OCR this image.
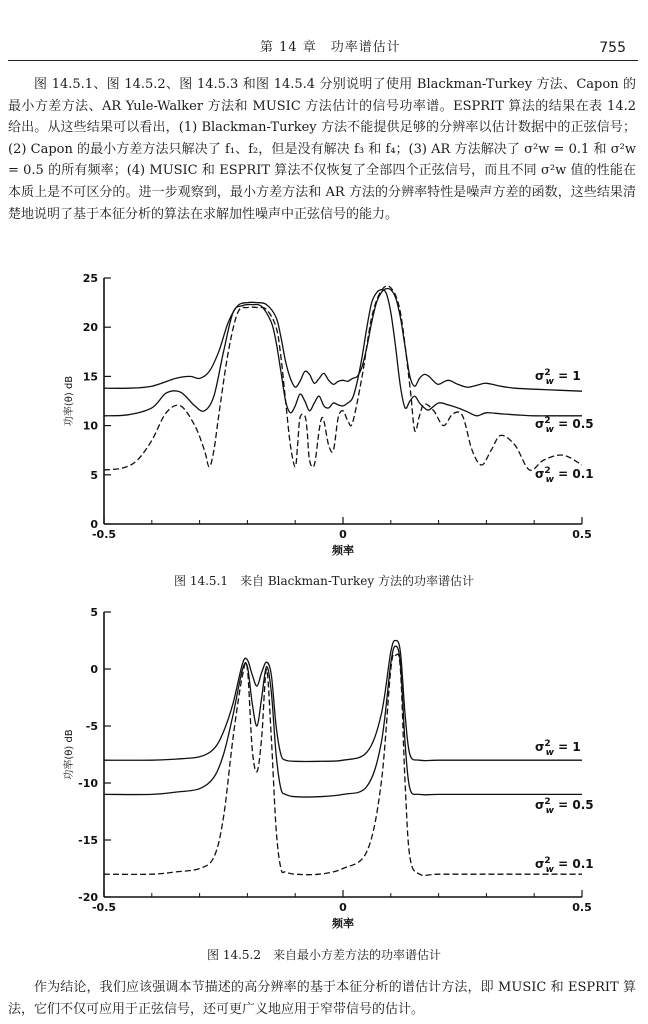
第 14 章　功率谱估计	755

图 14.5.1、图 14.5.2、图 14.5.3 和图 14.5.4 分别说明了使用 Blackman-Turkey 方法、Capon 的最小方差方法、AR Yule-Walker 方法和 MUSIC 方法估计的信号功率谱。ESPRIT 算法的结果在表 14.2 给出。从这些结果可以看出，(1) Blackman-Turkey 方法不能提供足够的分辨率以估计数据中的正弦信号；(2) Capon 的最小方差方法只解决了 f₁、f₂，但是没有解决 f₃ 和 f₄；(3) AR 方法解决了 σ²w = 0.1 和 σ²w = 0.5 的所有频率；(4) MUSIC 和 ESPRIT 算法不仅恢复了全部四个正弦信号，而且不同 σ²w 值的性能在本质上是不可区分的。进一步观察到，最小方差方法和 AR 方法的分辨率特性是噪声方差的函数，这些结果清楚地说明了基于本征分析的算法在求解加性噪声中正弦信号的能力。

0
5
10
15
20
25
-0.5	0	0.5
频率
功率(θ) dB	$\sigma^2$ w = 1
$\sigma^2$ w = 0.5
$\sigma^2$ w = 0.1
图 14.5.1　来自 Blackman-Turkey 方法的功率谱估计
-20
-15
-10
-5
0
5
-0.5	0	0.5
频率
功率(θ) dB	$\sigma^2$ w = 1
$\sigma^2$ w = 0.5
$\sigma^2$ w = 0.1
图 14.5.2　来自最小方差方法的功率谱估计

作为结论，我们应该强调本节描述的高分辨率的基于本征分析的谱估计方法，即 MUSIC 和 ESPRIT 算法，它们不仅可应用于正弦信号，还可更广义地应用于窄带信号的估计。
